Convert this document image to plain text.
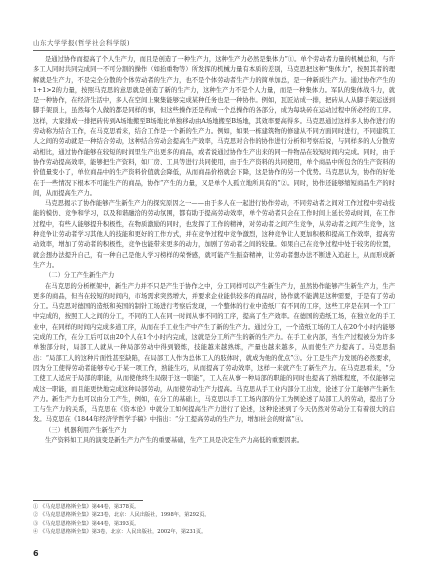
山东大学学报(哲学社会科学版)

是通过协作而提高了个人生产力，而且是创造了一种生产力，这种生产力必然是集体力”①。单个劳动者力量的机械总和，与许多工人同时共同完成同一不可分割的操作（如抬重物等）所发挥的机械力量有本质的差别，马克思把这种“集体力”，按照其者的理解就是生产力，不是完全分散的个体劳动者的生产力，也不是个体劳动者生产力的简单加总，是一种新质生产力。通过协作产生的1+1>2的力量，按照马克思的意思就是创造了新的生产力，这种生产力不是个人力量，而是一种集体力。军队的集体战斗力，就是一种协作，在经济生活中，多人在空间上聚集能够完成某种任务也是一种协作。例如，瓦匠站成一排，把砖从人从脚手架运送到脚手架顶上，虽然每个人做的都是同样的事，但这些操作还是构成一个总操作的各部分，成为每块砖在运动过程中所必经的工序。这样，大家排成一排把砖传到A场地搬至B场地比单独移动由A场地搬至B场地，其效率要高得多。马克思通过这样多人协作进行的劳动称为结合工作，在马克思看来，结合工作是一个新的生产力。例如，如果一栋建筑物的修建从不同方面同时进行，不同建筑工人之间的劳动就是一种结合劳动，这种结合劳动会提高生产效率，马克思对合作的协作进行分析和考察后说，与同样多的人分散劳动相比，通过协作能够在较短的时间里生产出更多的商品，或者说通过协作生产出来的同一件物品在较短时间内完成。同时，由于协作劳动提高效率，能够把生产资料，如厂房、工具等进行共同使用，由于生产资料的共同使用，单个商品中所包含的生产资料的价值量变小了，单位商品中的生产资料价值就会降低，从而商品价格就会下降，这是协作的另一个优势。马克思认为，协作的好处在于一些情况下根本不可能生产的商品，协作“产生的力量，又是单个人孤立地所具有的”②。同时，协作还能够缩短商品生产的时间，从而提高生产力。

马克思揭示了协作能够产生新生产力的探究原因之一——由于多人在一起进行协作劳动，不同劳动者之间对工作过程中劳动技能的模仿、竞争和学习，以及和谐融洽的劳动氛围，都有助于提高劳动效率，单个劳动者只会在工作时间上延长劳动时间，在工作过程中，有些人能够提升积极性，在物质激励的同时，也发挥了工作的精神，对劳动者之间产生竞争，从劳动者之间产生竞争，这种竞争让劳动者学习其他人的技能和更好的工作方式，并在竞争过程中竞争激烈，这种竞争让人更加积极和提高工作效率，提高劳动效率，增加了劳动者的积极性，竞争也能带来更多的动力，加剧了劳动者之间的较量。如果自己在竞争过程中处于较劣的位置，就会想办法提升自己，有一种自己是他人学习榜样的荣誉感，就可能产生振奋精神，让劳动者想办法不断进入追赶上，从而形成新生产力。

（二）分工产生新生产力

在马克思的分析框架中，新生产力并不只是产生于协作之中，分工同样可以产生新生产力，虽然协作能够产生新生产力，生产更多的商品，但当在较短的时间内，市场需求突然增大，并要求企业能供较多的商品时，协作就不能满足这种需要，于是有了劳动分工。马克思对德国的造纸和英国的制针工场进行考察后发现，一个整体的行业中造纸厂有不同的工序，这些工序是在同一个工厂中完成的，按照工人之间的分工，不同的工人在同一时间从事不同的工序，提高了生产效率。在德国的造纸工场，在独立化的手工业中，在同样的时间内完成多道工序，从而在手工业生产中产生了新的生产力。通过分工，一个造纸工场的工人在20个小时内能够完成的工作，在分工后可以由20个人在1个小时内完成，这就是分工所产生的新的生产力。在手工业内部，当生产过程被分为许多单独部分时，局部工人就从一种局部劳动中得到锻炼，技能越来越熟练，产量也越来越多，从而使生产力提高了。马克思指出：“局部工人的这种片面性甚至缺陷，在局部工人作为总体工人的肢体时，就成为他的优点”③。分工是生产力发展的必然要求，因为分工使得劳动者能够专心于某一项工作，熟能生巧，从而提高了劳动效率，这样一来就产生了新生产力。在马克思看来，“分工使工人适应于局部的职能，从而使他终生局限于这一职能”，工人在从事一种局部的职能的同时也提高了熟练程度，不仅能够完成这一职能，而且能更快地完成这种局部劳动，从而使劳动生产力提高。马克思从手工业内部分工出发，论述了分工能够产生新生产力。新生产力也可以由分工产生，例如，在分工的基础上，马克思以手工工场内部的分工为例论述了局部工人的劳动，提出了分工与生产力的关系，马克思在《资本论》中就分工如何提高生产力进行了论述，这种论述到了今天仍然对劳动分工有着很大的启发。马克思在《1844年经济学哲学手稿》中指出：“分工提高劳动的生产力，增加社会的财富”④。

（三）机器利用产生新生产力

生产资料如工具的演变是新生产力产生的重要基础，生产工具是决定生产力高低的重要因素。

① 《马克思恩格斯全集》第44卷，第378页。
② 《马克思恩格斯全集》第23卷，北京：人民出版社，1998年，第292页。
③ 《马克思恩格斯全集》第44卷，第393页。
④ 《马克思恩格斯全集》第3卷，北京：人民出版社，2002年，第231页。
6
